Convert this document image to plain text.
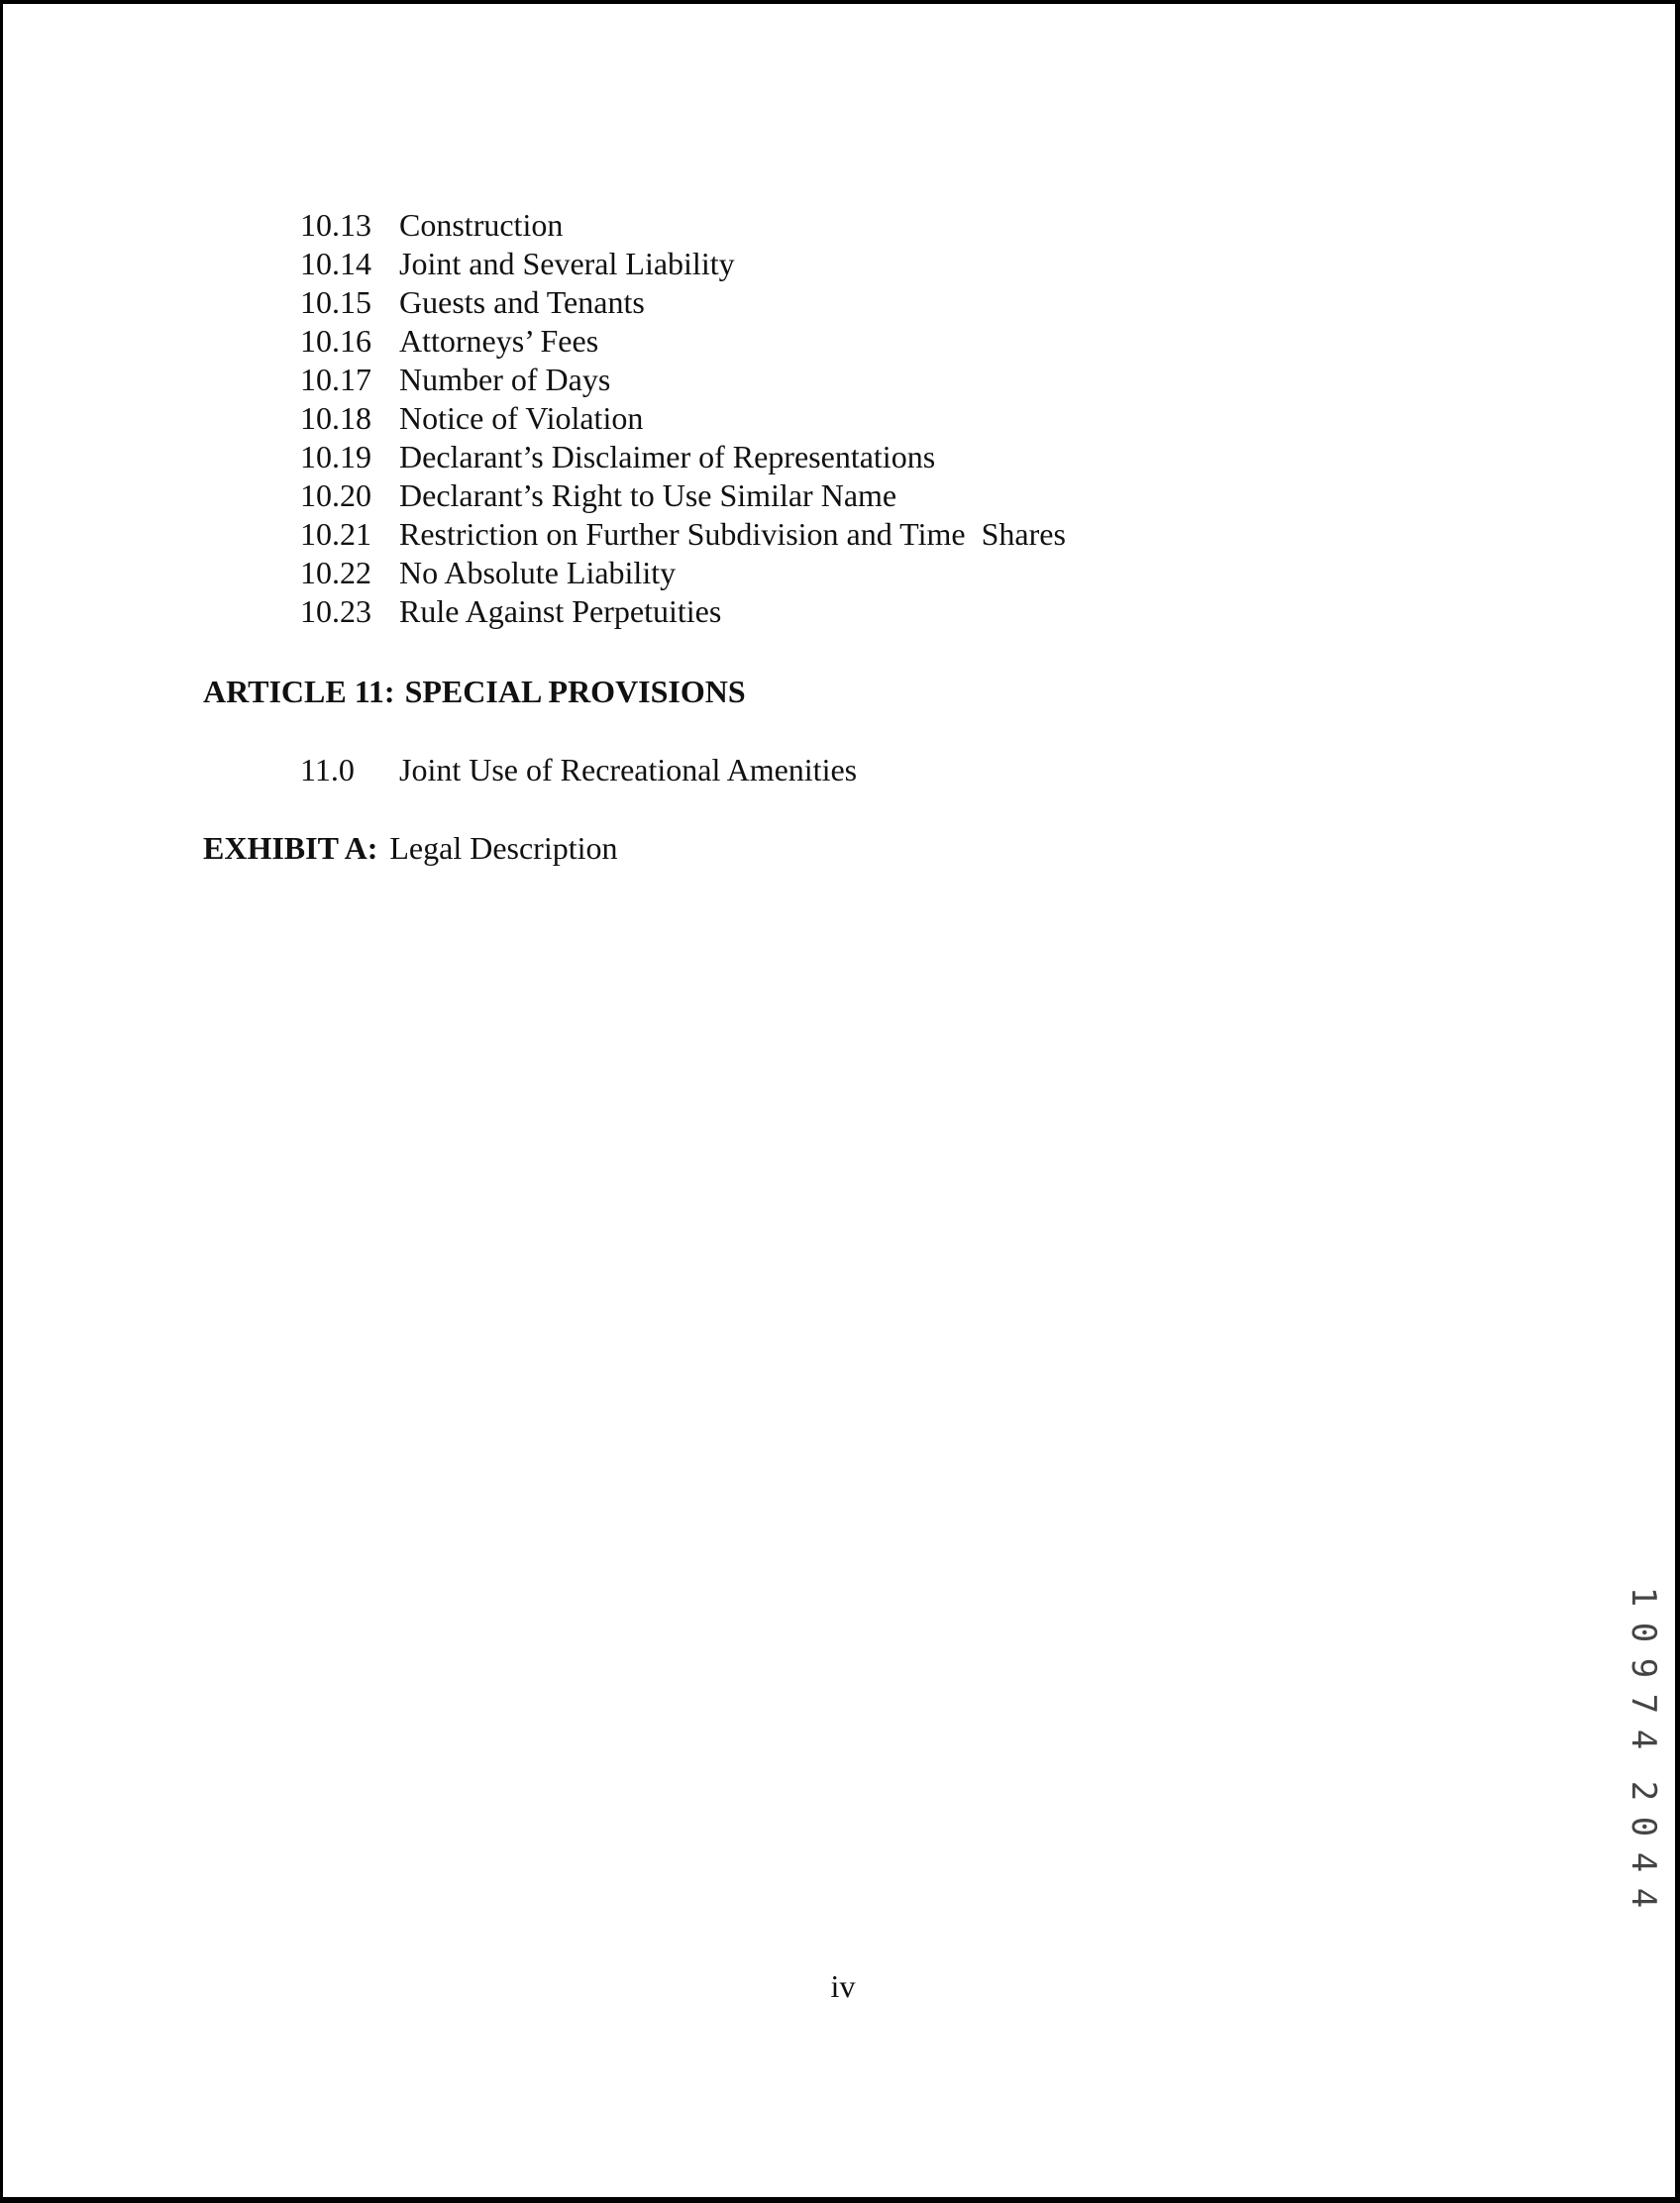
10.13 Construction
10.14 Joint and Several Liability
10.15 Guests and Tenants
10.16 Attorneys’ Fees
10.17 Number of Days
10.18 Notice of Violation
10.19 Declarant’s Disclaimer of Representations
10.20 Declarant’s Right to Use Similar Name
10.21 Restriction on Further Subdivision and Time  Shares
10.22 No Absolute Liability
10.23 Rule Against Perpetuities
ARTICLE 11: SPECIAL PROVISIONS
11.0 Joint Use of Recreational Amenities
EXHIBIT A: Legal Description
iv
1
0
9
7
4
2
0
4
4
